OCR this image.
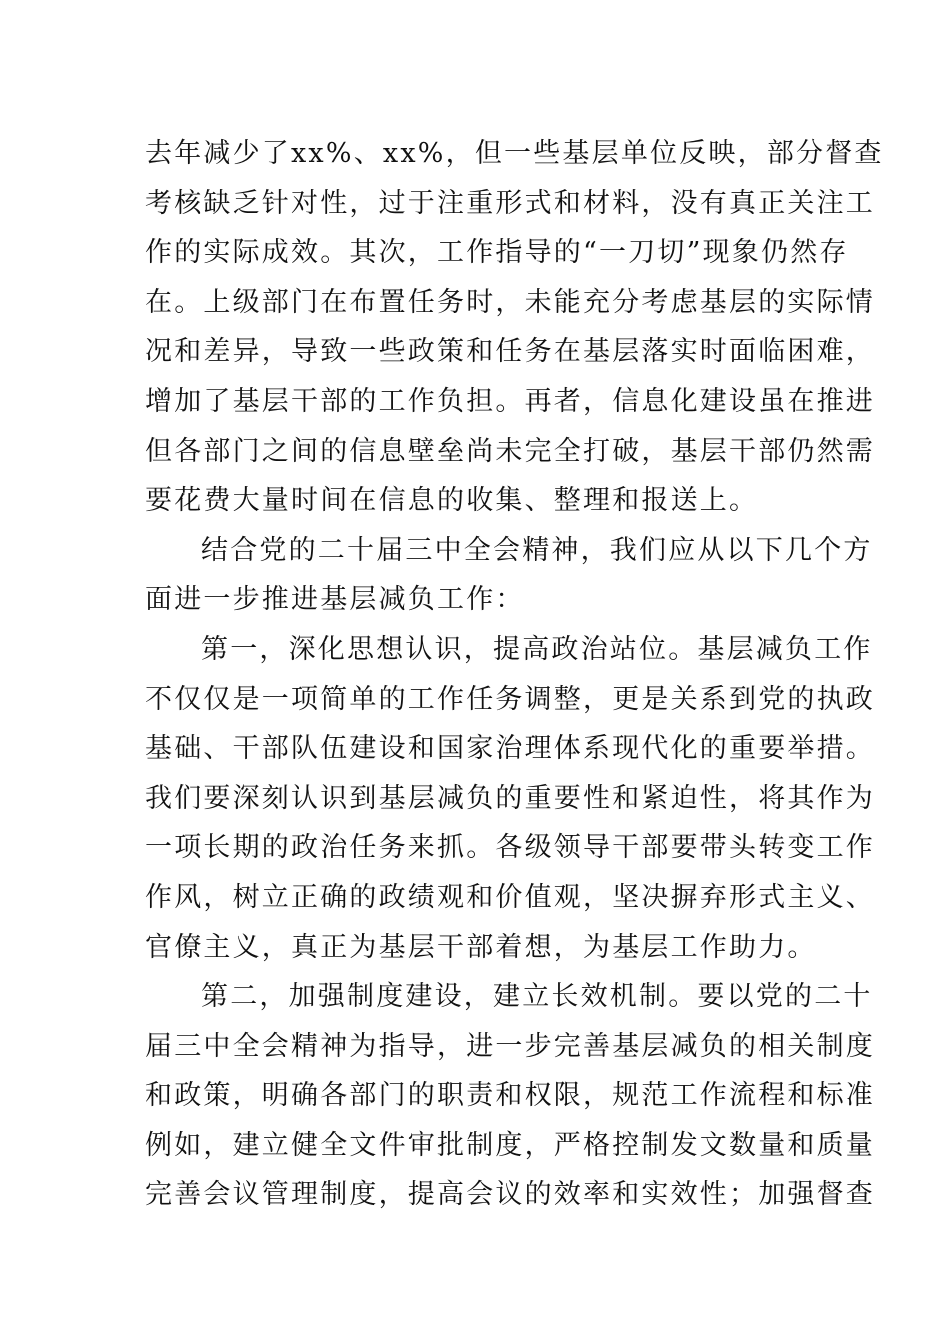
去年减少了xx%、xx%，但一些基层单位反映，部分督查
考核缺乏针对性，过于注重形式和材料，没有真正关注工
作的实际成效。其次，工作指导的“一刀切”现象仍然存
在。上级部门在布置任务时，未能充分考虑基层的实际情
况和差异，导致一些政策和任务在基层落实时面临困难，
增加了基层干部的工作负担。再者，信息化建设虽在推进
但各部门之间的信息壁垒尚未完全打破，基层干部仍然需
要花费大量时间在信息的收集、整理和报送上。
结合党的二十届三中全会精神，我们应从以下几个方
面进一步推进基层减负工作：
第一，深化思想认识，提高政治站位。基层减负工作
不仅仅是一项简单的工作任务调整，更是关系到党的执政
基础、干部队伍建设和国家治理体系现代化的重要举措。
我们要深刻认识到基层减负的重要性和紧迫性，将其作为
一项长期的政治任务来抓。各级领导干部要带头转变工作
作风，树立正确的政绩观和价值观，坚决摒弃形式主义、
官僚主义，真正为基层干部着想，为基层工作助力。
第二，加强制度建设，建立长效机制。要以党的二十
届三中全会精神为指导，进一步完善基层减负的相关制度
和政策，明确各部门的职责和权限，规范工作流程和标准
例如，建立健全文件审批制度，严格控制发文数量和质量
完善会议管理制度，提高会议的效率和实效性；加强督查
